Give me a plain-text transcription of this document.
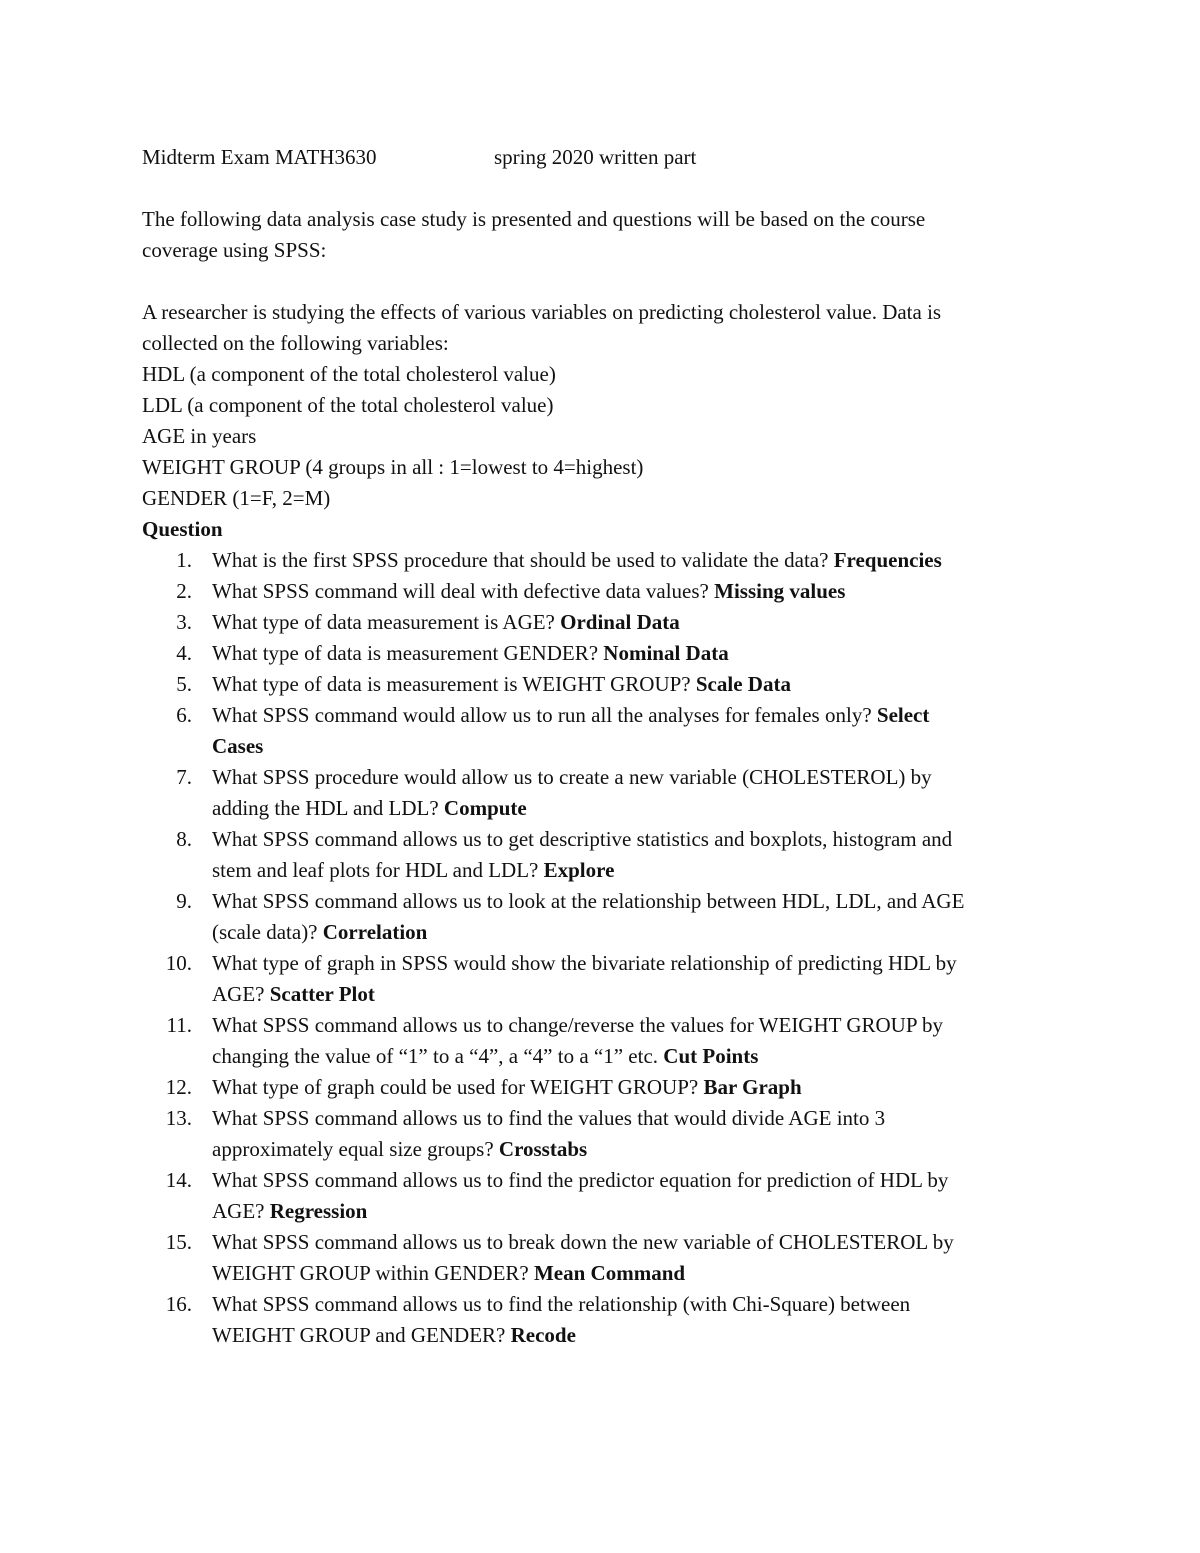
Midterm Exam MATH3630	spring 2020 written part
The following data analysis case study is presented and questions will be based on the course
coverage using SPSS:
A researcher is studying the effects of various variables on predicting cholesterol value. Data is
collected on the following variables:
HDL (a component of the total cholesterol value)
LDL (a component of the total cholesterol value)
AGE in years
WEIGHT GROUP (4 groups in all : 1=lowest to 4=highest)
GENDER (1=F, 2=M)
Question
1. What is the first SPSS procedure that should be used to validate the data? Frequencies
2. What SPSS command will deal with defective data values? Missing values
3. What type of data measurement is AGE? Ordinal Data
4. What type of data is measurement GENDER? Nominal Data
5. What type of data is measurement is WEIGHT GROUP? Scale Data
6. What SPSS command would allow us to run all the analyses for females only? Select
Cases
7. What SPSS procedure would allow us to create a new variable (CHOLESTEROL) by
adding the HDL and LDL? Compute
8. What SPSS command allows us to get descriptive statistics and boxplots, histogram and
stem and leaf plots for HDL and LDL? Explore
9. What SPSS command allows us to look at the relationship between HDL, LDL, and AGE
(scale data)? Correlation
10. What type of graph in SPSS would show the bivariate relationship of predicting HDL by
AGE? Scatter Plot
11. What SPSS command allows us to change/reverse the values for WEIGHT GROUP by
changing the value of “1” to a “4”, a “4” to a “1” etc. Cut Points
12. What type of graph could be used for WEIGHT GROUP? Bar Graph
13. What SPSS command allows us to find the values that would divide AGE into 3
approximately equal size groups? Crosstabs
14. What SPSS command allows us to find the predictor equation for prediction of HDL by
AGE? Regression
15. What SPSS command allows us to break down the new variable of CHOLESTEROL by
WEIGHT GROUP within GENDER? Mean Command
16. What SPSS command allows us to find the relationship (with Chi-Square) between
WEIGHT GROUP and GENDER? Recode
